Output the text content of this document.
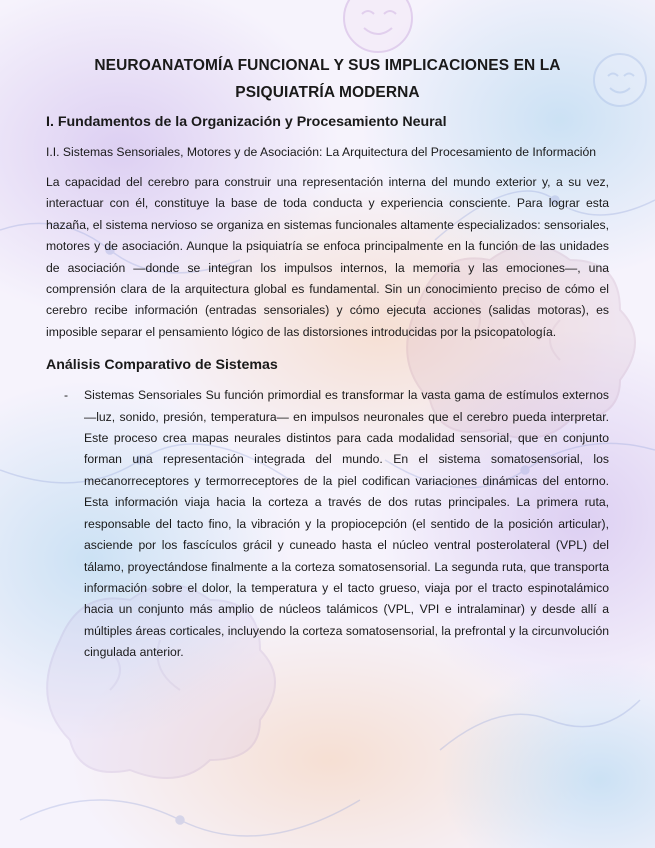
NEUROANATOMÍA FUNCIONAL Y SUS IMPLICACIONES EN LA
PSIQUIATRÍA MODERNA
I. Fundamentos de la Organización y Procesamiento Neural

I.I. Sistemas Sensoriales, Motores y de Asociación: La Arquitectura del Procesamiento de Información

La capacidad del cerebro para construir una representación interna del mundo exterior y, a su vez, interactuar con él, constituye la base de toda conducta y experiencia consciente. Para lograr esta hazaña, el sistema nervioso se organiza en sistemas funcionales altamente especializados: sensoriales, motores y de asociación. Aunque la psiquiatría se enfoca principalmente en la función de las unidades de asociación —donde se integran los impulsos internos, la memoria y las emociones—, una comprensión clara de la arquitectura global es fundamental. Sin un conocimiento preciso de cómo el cerebro recibe información (entradas sensoriales) y cómo ejecuta acciones (salidas motoras), es imposible separar el pensamiento lógico de las distorsiones introducidas por la psicopatología.

Análisis Comparativo de Sistemas
- Sistemas Sensoriales Su función primordial es transformar la vasta gama de estímulos externos —luz, sonido, presión, temperatura— en impulsos neuronales que el cerebro pueda interpretar. Este proceso crea mapas neurales distintos para cada modalidad sensorial, que en conjunto forman una representación integrada del mundo. En el sistema somatosensorial, los mecanorreceptores y termorreceptores de la piel codifican variaciones dinámicas del entorno. Esta información viaja hacia la corteza a través de dos rutas principales. La primera ruta, responsable del tacto fino, la vibración y la propiocepción (el sentido de la posición articular), asciende por los fascículos grácil y cuneado hasta el núcleo ventral posterolateral (VPL) del tálamo, proyectándose finalmente a la corteza somatosensorial. La segunda ruta, que transporta información sobre el dolor, la temperatura y el tacto grueso, viaja por el tracto espinotalámico hacia un conjunto más amplio de núcleos talámicos (VPL, VPI e intralaminar) y desde allí a múltiples áreas corticales, incluyendo la corteza somatosensorial, la prefrontal y la circunvolución cingulada anterior.
